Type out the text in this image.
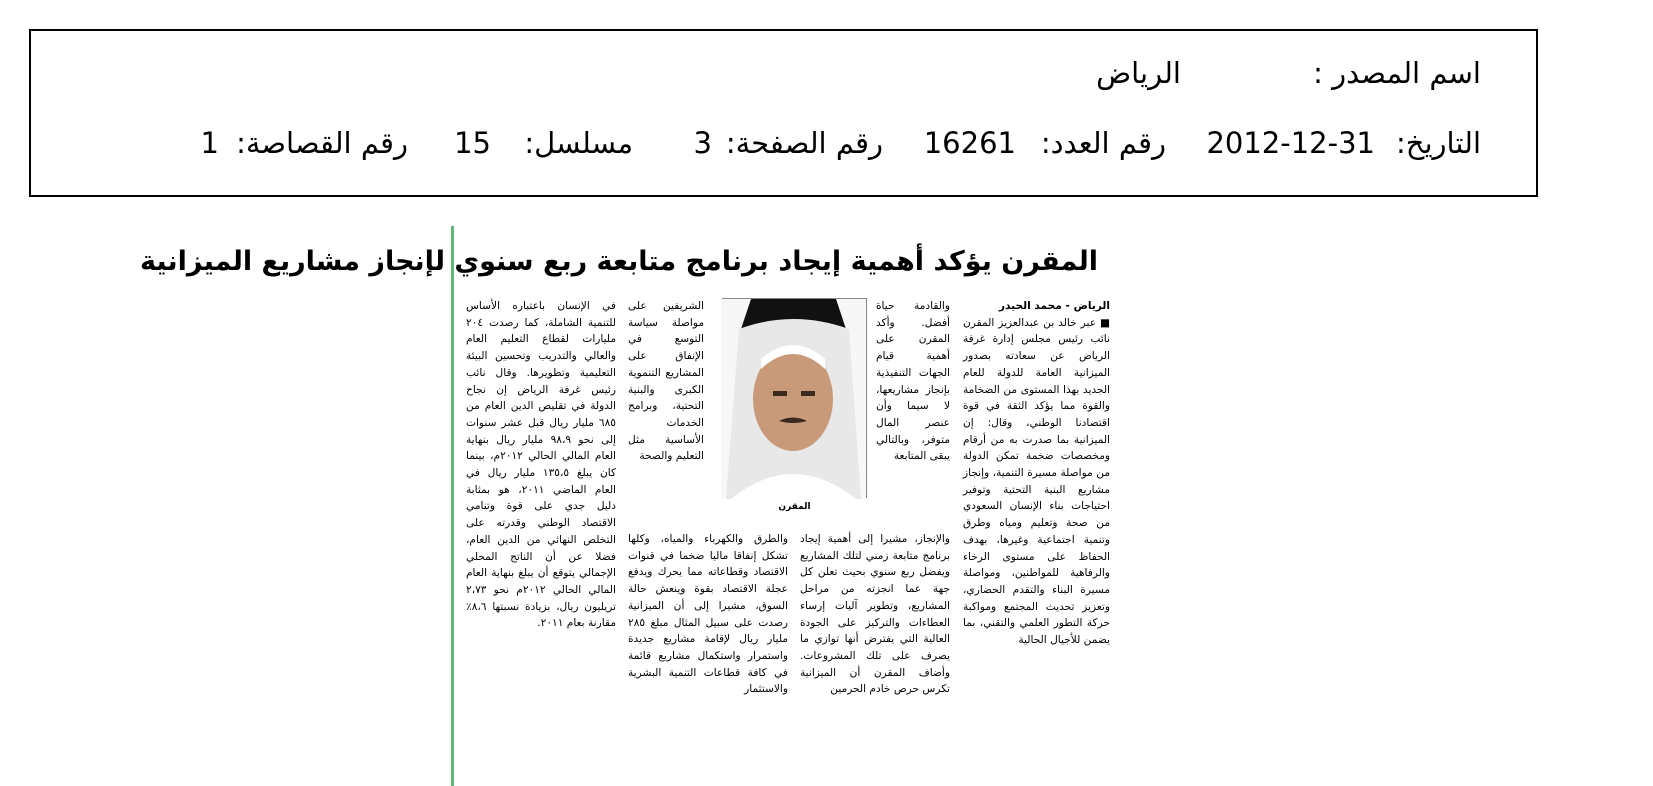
اسم المصدر :
الرياض
التاريخ:
2012-12-31
رقم العدد:
16261
رقم الصفحة:
3
مسلسل:
15
رقم القصاصة:
1
المقرن يؤكد أهمية إيجاد برنامج متابعة ربع سنوي لإنجاز مشاريع الميزانية

الرياض - محمد الحيدر

■ عبر خالد بن عبدالعزيز المقرن نائب رئيس مجلس إدارة غرفة الرياض عن سعادته بصدور الميزانية العامة للدولة للعام الجديد بهذا المستوى من الضخامة والقوة مما يؤكد الثقة في قوة اقتصادنا الوطني، وقال: إن الميزانية بما صدرت به من أرقام ومخصصات ضخمة تمكن الدولة من مواصلة مسيرة التنمية، وإنجاز مشاريع البنية التحتية وتوفير احتياجات بناء الإنسان السعودي من صحة وتعليم ومياه وطرق وتنمية اجتماعية وغيرها، بهدف الحفاظ على مستوى الرخاء والرفاهية للمواطنين، ومواصلة مسيرة البناء والتقدم الحضاري، وتعزيز تحديث المجتمع ومواكبة حركة التطور العلمي والتقني، بما يضمن للأجيال الحالية

والقادمة حياة أفضل. وأكد المقرن على أهمية قيام الجهات التنفيذية بإنجاز مشاريعها، لا سيما وأن عنصر المال متوفر، وبالتالي يبقى المتابعة

والإنجاز، مشيرا إلى أهمية إيجاد برنامج متابعة زمني لتلك المشاريع ويفضل ربع سنوي بحيث تعلن كل جهة عما انجزته من مراحل المشاريع، وتطوير آليات إرساء العطاءات والتركيز على الجودة العالية التي يفترض أنها توازي ما يصرف على تلك المشروعات. وأضاف المقرن أن الميزانية تكرس حرص خادم الحرمين

المقرن

الشريفين على مواصلة سياسة التوسع في الإنفاق على المشاريع التنموية الكبرى والبنية التحتية، وبرامج الخدمات الأساسية مثل التعليم والصحة

والطرق والكهرباء والمياه، وكلها تشكل إنفاقا ماليا ضخما في قنوات الاقتصاد وقطاعاته مما يحرك ويدفع عجلة الاقتصاد بقوة وينعش حالة السوق، مشيرا إلى أن الميزانية رصدت على سبيل المثال مبلغ ٢٨٥ مليار ريال لإقامة مشاريع جديدة واستمرار واستكمال مشاريع قائمة في كافة قطاعات التنمية البشرية والاستثمار

في الإنسان باعتباره الأساس للتنمية الشاملة، كما رصدت ٢٠٤ مليارات لقطاع التعليم العام والعالي والتدريب وتحسين البيئة التعليمية وتطويرها. وقال نائب رئيس غرفة الرياض إن نجاح الدولة في تقليص الدين العام من ٦٨٥ مليار ريال قبل عشر سنوات إلى نحو ٩٨،٩ مليار ريال بنهاية العام المالي الحالي ٢٠١٢م، بينما كان يبلغ ١٣٥،٥ مليار ريال في العام الماضي ٢٠١١، هو بمثابة دليل جدي على قوة وتنامي الاقتصاد الوطني وقدرته على التخلص النهائي من الدين العام، فضلا عن أن الناتج المحلي الإجمالي يتوقع أن يبلغ بنهاية العام المالي الحالي ٢٠١٢م نحو ٢،٧٣ تريليون ريال، بزيادة نسبتها ٨،٦٪ مقارنة بعام ٢٠١١.
